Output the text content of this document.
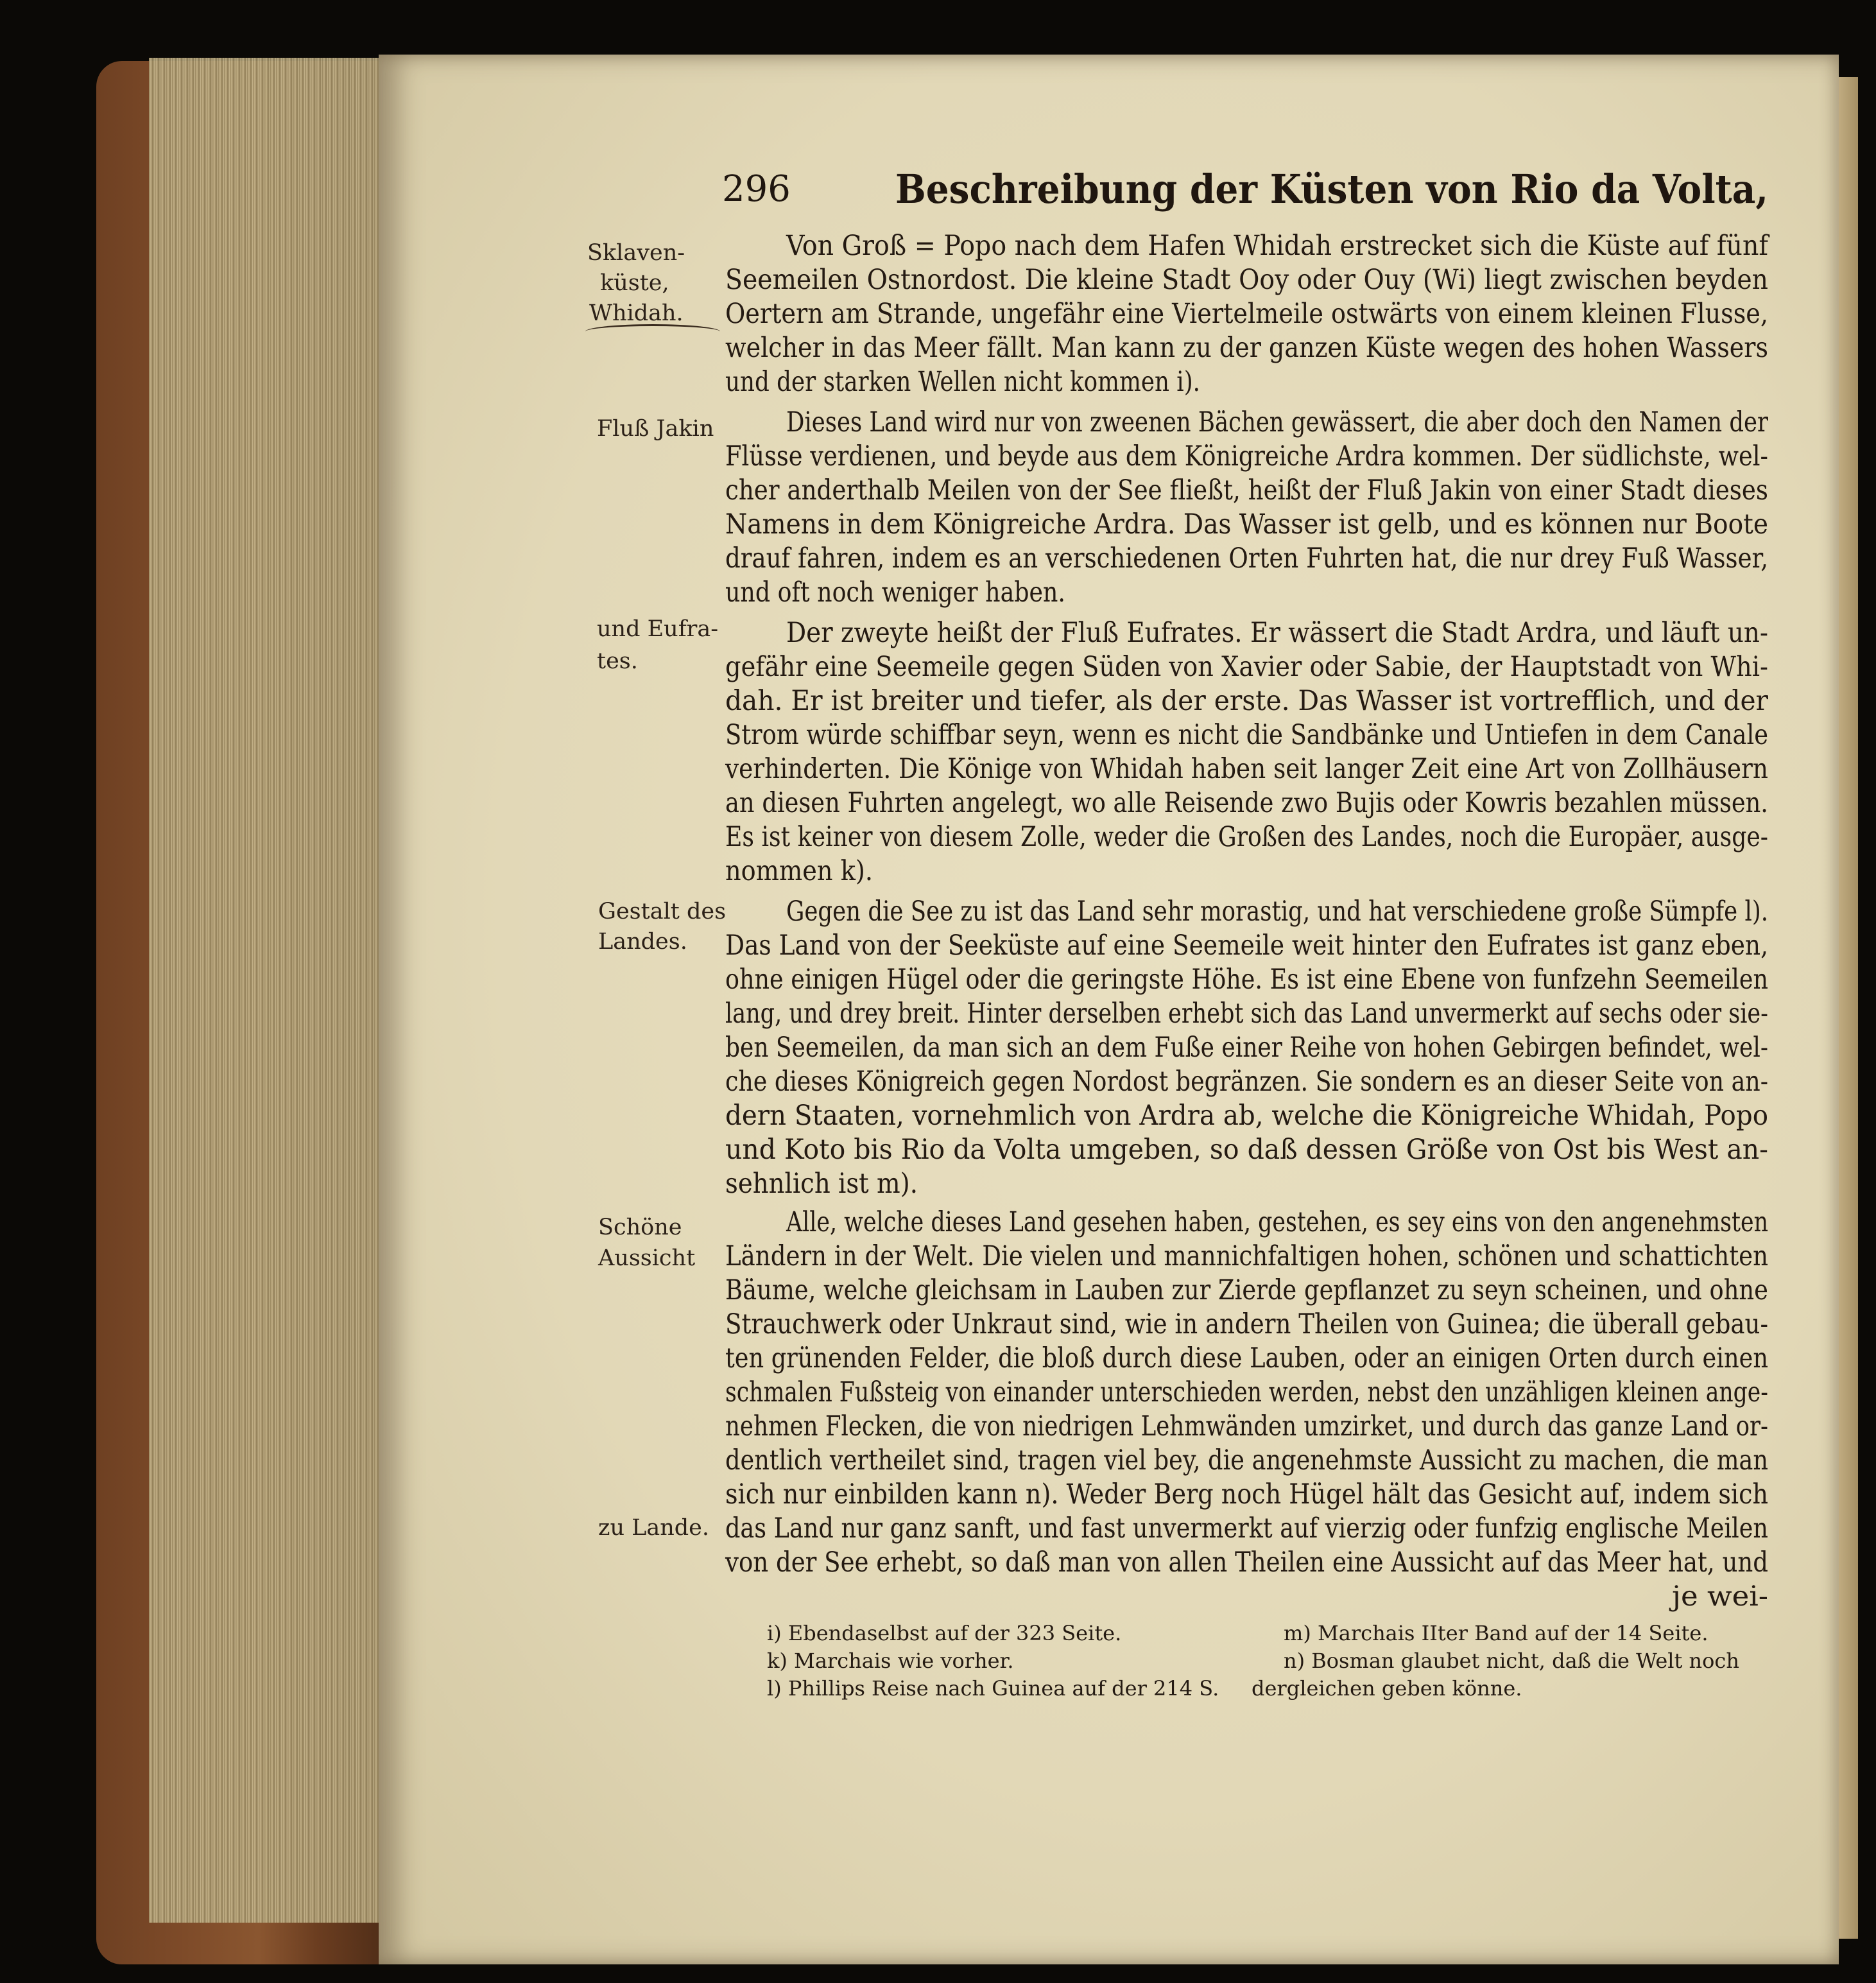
296	Beschreibung der Küsten von Rio da Volta,
Sklaven-
küste,
Whidah.
Fluß Jakin
und Eufra-
tes.
Gestalt des
Landes.
Schöne
Aussicht
zu Lande.
Von Groß = Popo nach dem Hafen Whidah erstrecket sich die Küste auf fünf
Seemeilen Ostnordost. Die kleine Stadt Ooy oder Ouy (Wi) liegt zwischen beyden
Oertern am Strande, ungefähr eine Viertelmeile ostwärts von einem kleinen Flusse,
welcher in das Meer fällt. Man kann zu der ganzen Küste wegen des hohen Wassers
und der starken Wellen nicht kommen i).
Dieses Land wird nur von zweenen Bächen gewässert, die aber doch den Namen der
Flüsse verdienen, und beyde aus dem Königreiche Ardra kommen. Der südlichste, wel-
cher anderthalb Meilen von der See fließt, heißt der Fluß Jakin von einer Stadt dieses
Namens in dem Königreiche Ardra. Das Wasser ist gelb, und es können nur Boote
drauf fahren, indem es an verschiedenen Orten Fuhrten hat, die nur drey Fuß Wasser,
und oft noch weniger haben.
Der zweyte heißt der Fluß Eufrates. Er wässert die Stadt Ardra, und läuft un-
gefähr eine Seemeile gegen Süden von Xavier oder Sabie, der Hauptstadt von Whi-
dah. Er ist breiter und tiefer, als der erste. Das Wasser ist vortrefflich, und der
Strom würde schiffbar seyn, wenn es nicht die Sandbänke und Untiefen in dem Canale
verhinderten. Die Könige von Whidah haben seit langer Zeit eine Art von Zollhäusern
an diesen Fuhrten angelegt, wo alle Reisende zwo Bujis oder Kowris bezahlen müssen.
Es ist keiner von diesem Zolle, weder die Großen des Landes, noch die Europäer, ausge-
nommen k).
Gegen die See zu ist das Land sehr morastig, und hat verschiedene große Sümpfe l).
Das Land von der Seeküste auf eine Seemeile weit hinter den Eufrates ist ganz eben,
ohne einigen Hügel oder die geringste Höhe. Es ist eine Ebene von funfzehn Seemeilen
lang, und drey breit. Hinter derselben erhebt sich das Land unvermerkt auf sechs oder sie-
ben Seemeilen, da man sich an dem Fuße einer Reihe von hohen Gebirgen befindet, wel-
che dieses Königreich gegen Nordost begränzen. Sie sondern es an dieser Seite von an-
dern Staaten, vornehmlich von Ardra ab, welche die Königreiche Whidah, Popo
und Koto bis Rio da Volta umgeben, so daß dessen Größe von Ost bis West an-
sehnlich ist m).
Alle, welche dieses Land gesehen haben, gestehen, es sey eins von den angenehmsten
Ländern in der Welt. Die vielen und mannichfaltigen hohen, schönen und schattichten
Bäume, welche gleichsam in Lauben zur Zierde gepflanzet zu seyn scheinen, und ohne
Strauchwerk oder Unkraut sind, wie in andern Theilen von Guinea; die überall gebau-
ten grünenden Felder, die bloß durch diese Lauben, oder an einigen Orten durch einen
schmalen Fußsteig von einander unterschieden werden, nebst den unzähligen kleinen ange-
nehmen Flecken, die von niedrigen Lehmwänden umzirket, und durch das ganze Land or-
dentlich vertheilet sind, tragen viel bey, die angenehmste Aussicht zu machen, die man
sich nur einbilden kann n). Weder Berg noch Hügel hält das Gesicht auf, indem sich
das Land nur ganz sanft, und fast unvermerkt auf vierzig oder funfzig englische Meilen
von der See erhebt, so daß man von allen Theilen eine Aussicht auf das Meer hat, und
je wei-
i) Ebendaselbst auf der 323 Seite.
k) Marchais wie vorher.
l) Phillips Reise nach Guinea auf der 214 S.
m) Marchais IIter Band auf der 14 Seite.
n) Bosman glaubet nicht, daß die Welt noch
dergleichen geben könne.
